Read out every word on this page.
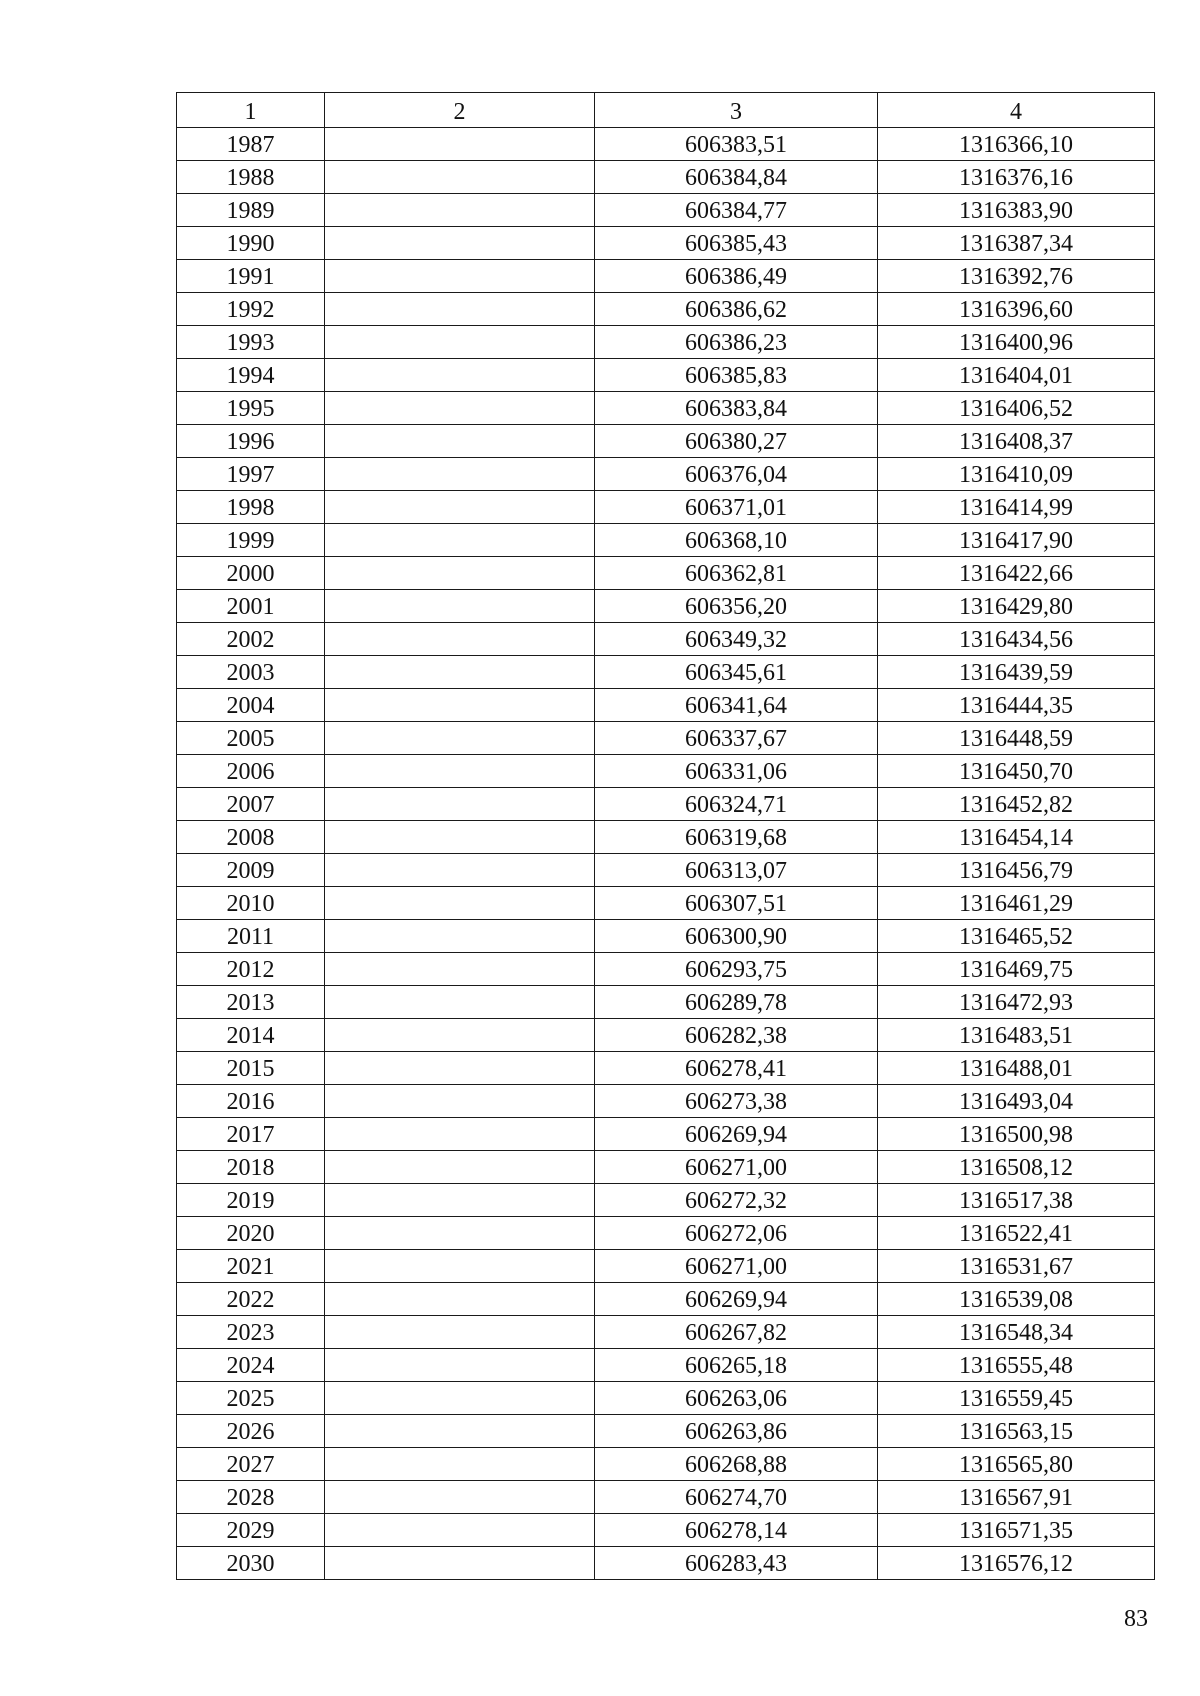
1	2	3	4
1987		606383,51	1316366,10
1988		606384,84	1316376,16
1989		606384,77	1316383,90
1990		606385,43	1316387,34
1991		606386,49	1316392,76
1992		606386,62	1316396,60
1993		606386,23	1316400,96
1994		606385,83	1316404,01
1995		606383,84	1316406,52
1996		606380,27	1316408,37
1997		606376,04	1316410,09
1998		606371,01	1316414,99
1999		606368,10	1316417,90
2000		606362,81	1316422,66
2001		606356,20	1316429,80
2002		606349,32	1316434,56
2003		606345,61	1316439,59
2004		606341,64	1316444,35
2005		606337,67	1316448,59
2006		606331,06	1316450,70
2007		606324,71	1316452,82
2008		606319,68	1316454,14
2009		606313,07	1316456,79
2010		606307,51	1316461,29
2011		606300,90	1316465,52
2012		606293,75	1316469,75
2013		606289,78	1316472,93
2014		606282,38	1316483,51
2015		606278,41	1316488,01
2016		606273,38	1316493,04
2017		606269,94	1316500,98
2018		606271,00	1316508,12
2019		606272,32	1316517,38
2020		606272,06	1316522,41
2021		606271,00	1316531,67
2022		606269,94	1316539,08
2023		606267,82	1316548,34
2024		606265,18	1316555,48
2025		606263,06	1316559,45
2026		606263,86	1316563,15
2027		606268,88	1316565,80
2028		606274,70	1316567,91
2029		606278,14	1316571,35
2030		606283,43	1316576,12
83
